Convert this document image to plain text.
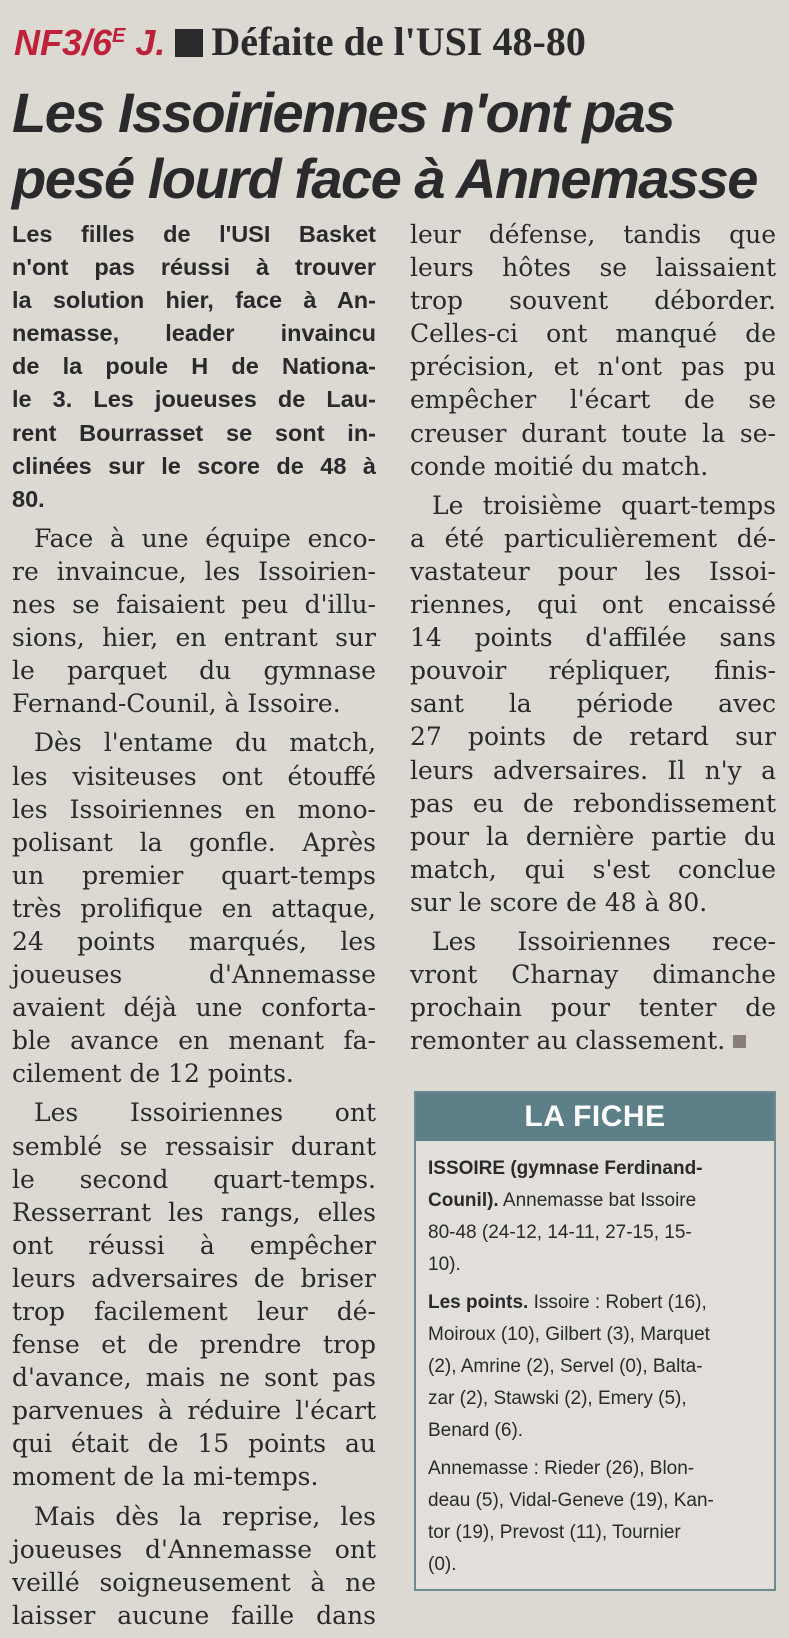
$NF3/6^E$ J. Défaite de l'USI 48-80
Les Issoiriennes n'ont pas
pesé lourd face à Annemasse
Les filles de l'USI Basket
n'ont pas réussi à trouver
la solution hier, face à An-
nemasse, leader invaincu
de la poule H de Nationa-
le 3. Les joueuses de Lau-
rent Bourrasset se sont in-
clinées sur le score de 48 à
80.
Face à une équipe enco-
re invaincue, les Issoirien-
nes se faisaient peu d'illu-
sions, hier, en entrant sur
le parquet du gymnase
Fernand-Counil, à Issoire.
Dès l'entame du match,
les visiteuses ont étouffé
les Issoiriennes en mono-
polisant la gonfle. Après
un premier quart-temps
très prolifique en attaque,
24 points marqués, les
joueuses d'Annemasse
avaient déjà une conforta-
ble avance en menant fa-
cilement de 12 points.
Les Issoiriennes ont
semblé se ressaisir durant
le second quart-temps.
Resserrant les rangs, elles
ont réussi à empêcher
leurs adversaires de briser
trop facilement leur dé-
fense et de prendre trop
d'avance, mais ne sont pas
parvenues à réduire l'écart
qui était de 15 points au
moment de la mi-temps.
Mais dès la reprise, les
joueuses d'Annemasse ont
veillé soigneusement à ne
laisser aucune faille dans
leur défense, tandis que
leurs hôtes se laissaient
trop souvent déborder.
Celles-ci ont manqué de
précision, et n'ont pas pu
empêcher l'écart de se
creuser durant toute la se-
conde moitié du match.
Le troisième quart-temps
a été particulièrement dé-
vastateur pour les Issoi-
riennes, qui ont encaissé
14 points d'affilée sans
pouvoir répliquer, finis-
sant la période avec
27 points de retard sur
leurs adversaires. Il n'y a
pas eu de rebondissement
pour la dernière partie du
match, qui s'est conclue
sur le score de 48 à 80.
Les Issoiriennes rece-
vront Charnay dimanche
prochain pour tenter de
remonter au classement.
LA FICHE
ISSOIRE (gymnase Ferdinand-
Counil). Annemasse bat Issoire
80-48 (24-12, 14-11, 27-15, 15-
10).
Les points. Issoire : Robert (16),
Moiroux (10), Gilbert (3), Marquet
(2), Amrine (2), Servel (0), Balta-
zar (2), Stawski (2), Emery (5),
Benard (6).
Annemasse : Rieder (26), Blon-
deau (5), Vidal-Geneve (19), Kan-
tor (19), Prevost (11), Tournier
(0).
